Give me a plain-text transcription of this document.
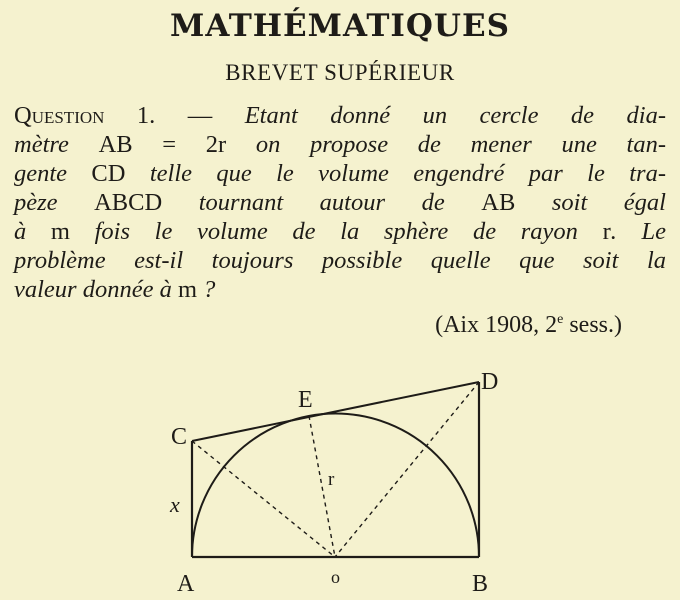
MATHÉMATIQUES
BREVET SUPÉRIEUR
Question 1. — Etant donné un cercle de dia-
mètre AB = 2r on propose de mener une tan-
gente CD telle que le volume engendré par le tra-
pèze ABCD tournant autour de AB soit égal
à m fois le volume de la sphère de rayon r. Le
problème est-il toujours possible quelle que soit la
valeur donnée à m ?
(Aix 1908, 2e sess.)
A	B
C
D
E
o
r
x
